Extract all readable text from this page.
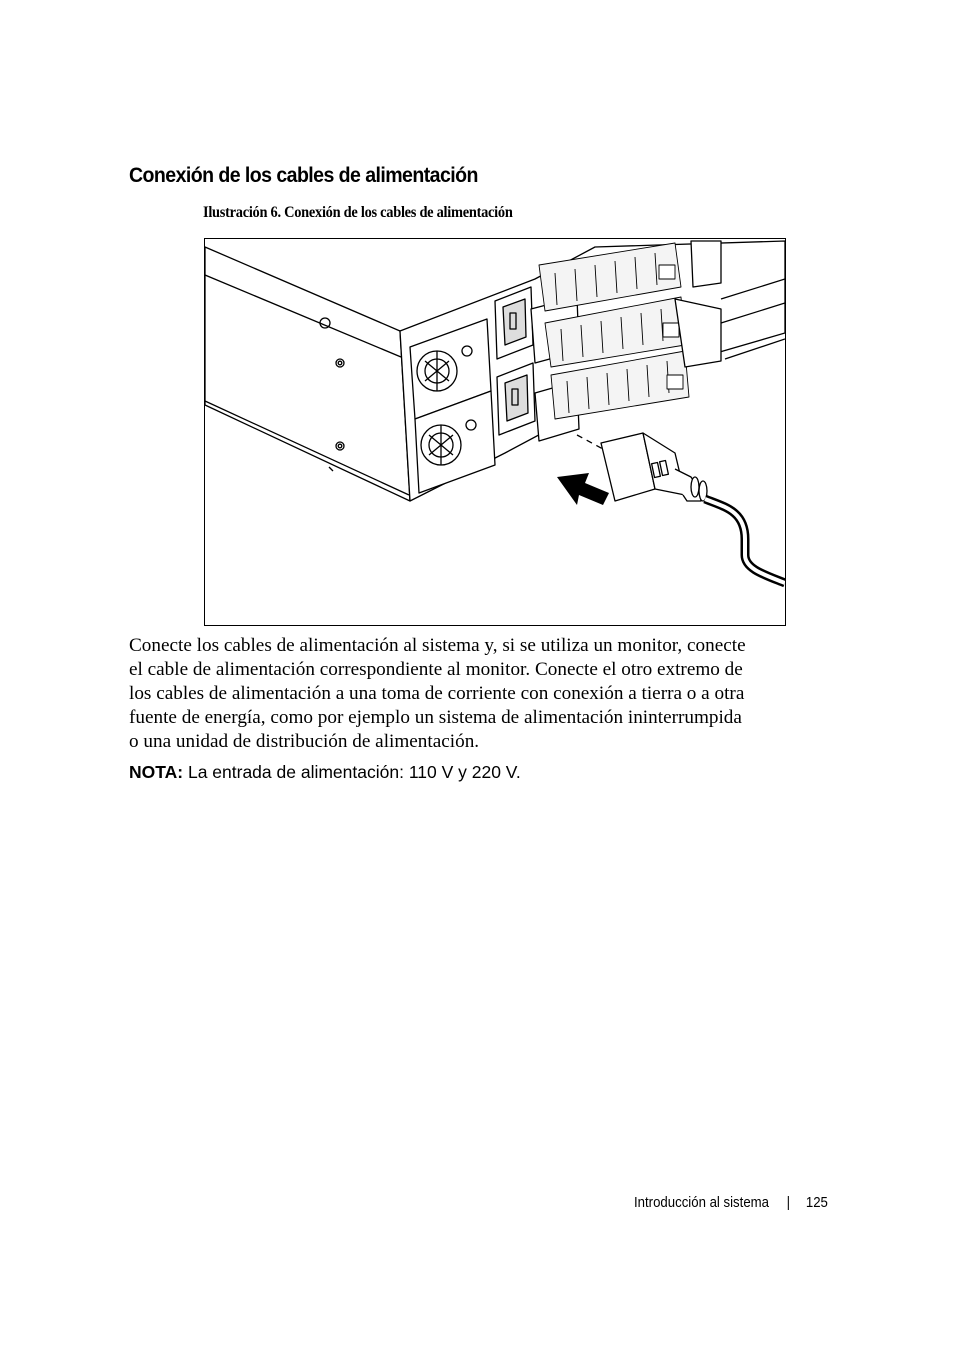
Conexión de los cables de alimentación
Ilustración 6. Conexión de los cables de alimentación

Conecte los cables de alimentación al sistema y, si se utiliza un monitor, conecte
el cable de alimentación correspondiente al monitor. Conecte el otro extremo de
los cables de alimentación a una toma de corriente con conexión a tierra o a otra
fuente de energía, como por ejemplo un sistema de alimentación ininterrumpida
o una unidad de distribución de alimentación.

NOTA: La entrada de alimentación: 110 V y 220 V.
Introducción al sistema | 125
